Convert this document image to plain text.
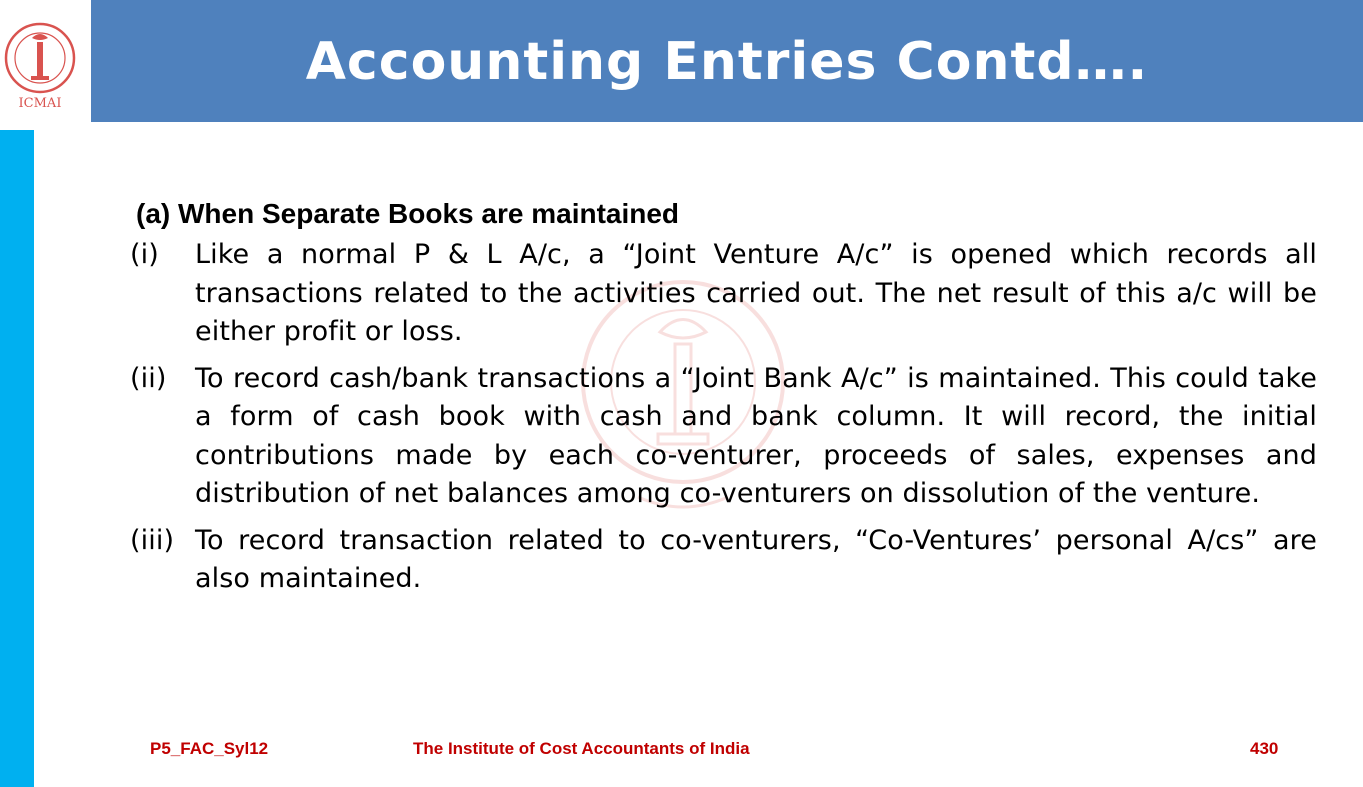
ICMAI
Accounting Entries Contd….
(a) When Separate Books are maintained
(i) Like a normal P & L A/c, a “Joint Venture A/c” is opened which records all transactions related to the activities carried out. The net result of this a/c will be either profit or loss.
(ii) To record cash/bank transactions a “Joint Bank A/c” is maintained. This could take a form of cash book with cash and bank column. It will record, the initial contributions made by each co-venturer, proceeds of sales, expenses and distribution of net balances among co-venturers on dissolution of the venture.
(iii) To record transaction related to co-venturers, “Co-Ventures’ personal A/cs” are also maintained.
P5_FAC_Syl12	The Institute of Cost Accountants of India	430
